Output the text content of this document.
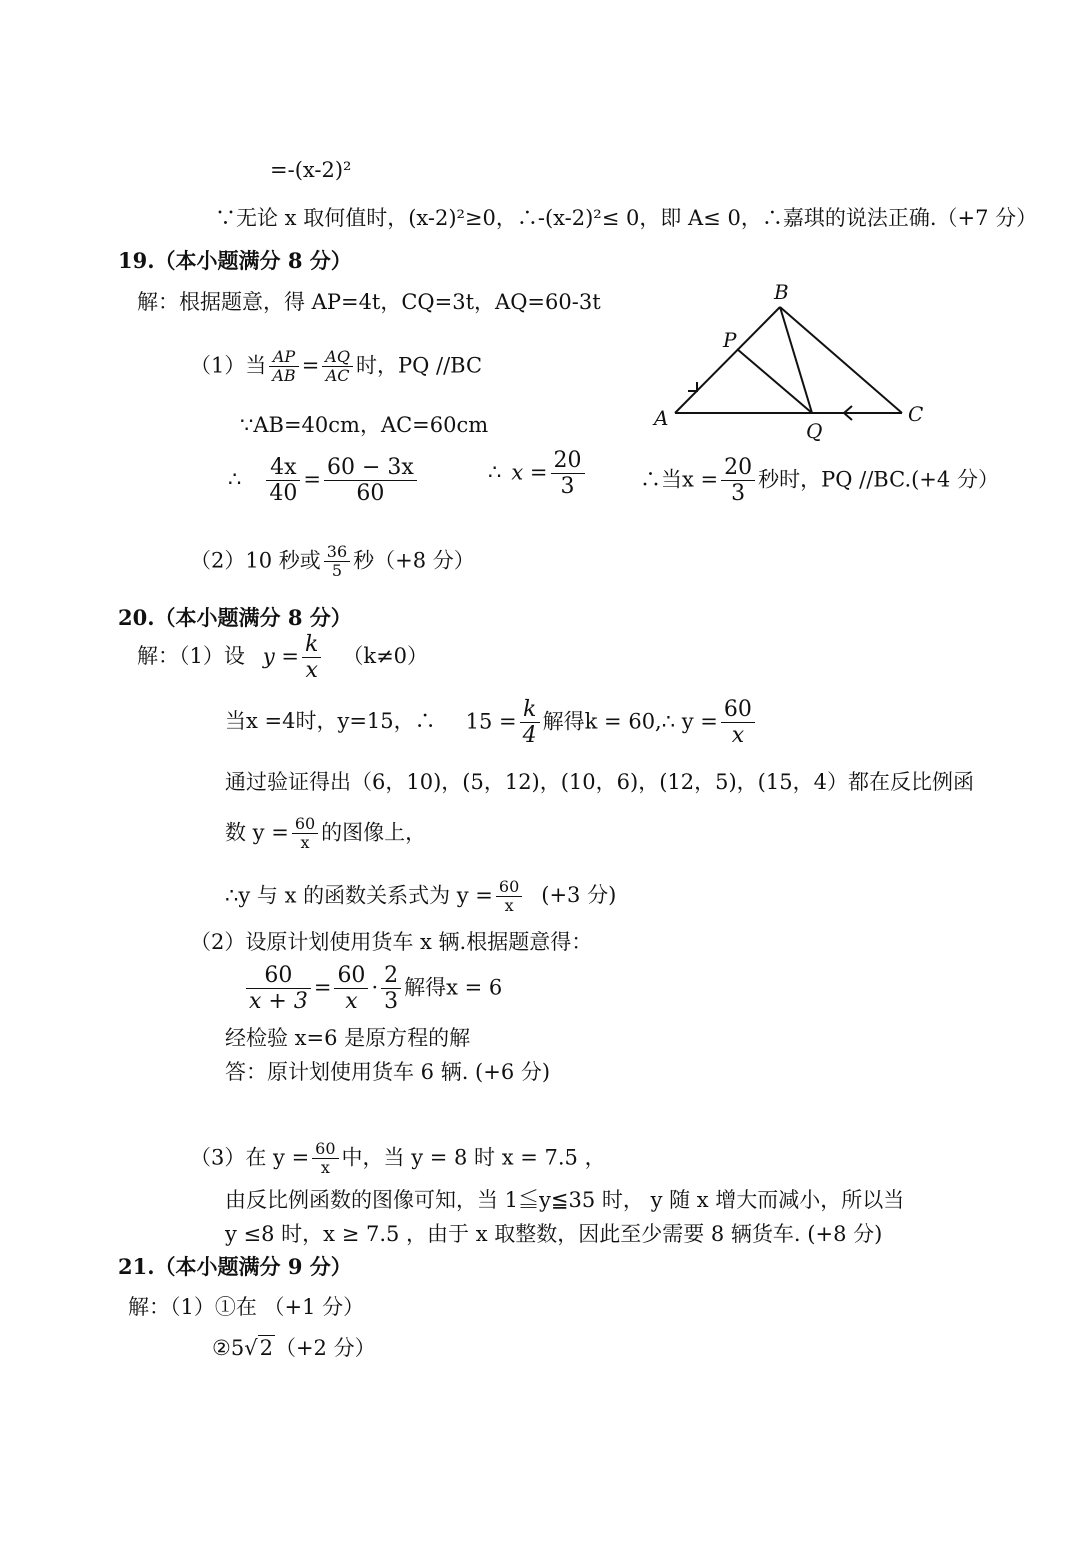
=-(x-2)²
∵无论 x 取何值时，(x-2)²≥0，∴-(x-2)²≤ 0，即 A≤ 0，∴嘉琪的说法正确.（+7 分）
19.（本小题满分 8 分）
解：根据题意，得 AP=4t，CQ=3t，AQ=60-3t
（1）当 $\frac{AP}{AB} = \frac{AQ}{AC}$ 时，PQ //BC
∵AB=40cm，AC=60cm
∴ $\frac{4x}{40} = \frac{60 - 3x}{60}$	∴ $x = \frac{20}{3}$	∴当$x = \frac{20}{3}$ 秒时，PQ //BC.(+4 分）
（2）10 秒或 $\frac{36}{5}$ 秒（+8 分）
B
P
A
Q
C
20.（本小题满分 8 分）
解：（1）设 $y = \frac{k}{x} (k\ne 0)$
当x =4时，y=15，∴ $15 = \frac{k}{4}$ 解得k = 60,∴ $y = \frac{60}{x}$
通过验证得出（6，10)，(5，12)，(10，6)，(12，5)，(15，4）都在反比例函
数 $y = \frac{60}{x}$ 的图像上，
∴y 与 x 的函数关系式为 $y = \frac{60}{x} (+3$ 分)
（2）设原计划使用货车 x 辆.根据题意得：
$\frac{60}{x + 3} = \frac{60}{x} \cdot \frac{2}{3}$ 解得x = 6
经检验 x=6 是原方程的解
答：原计划使用货车 6 辆. (+6 分)
（3）在 $y = \frac{60}{x}$ 中，当 y = 8 时 x = 7.5 ，
由反比例函数的图像可知，当 1≦y≦35 时， y 随 x 增大而减小，所以当
y ≤8 时，x ≥ 7.5 ，由于 x 取整数，因此至少需要 8 辆货车. (+8 分)
21.（本小题满分 9 分）
解：（1）①在 （+1 分）
②5√2（+2 分）
